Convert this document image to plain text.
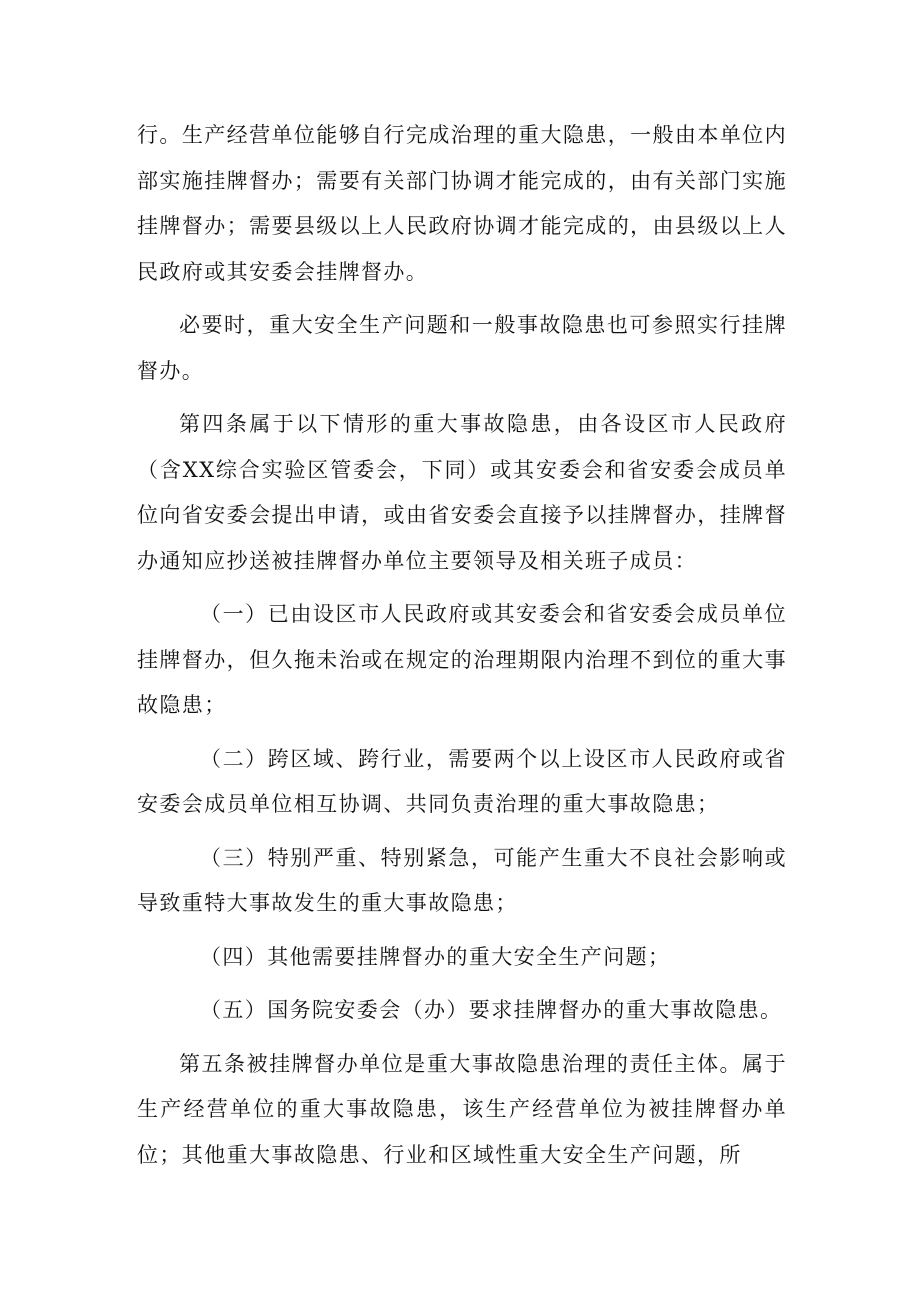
行。生产经营单位能够自行完成治理的重大隐患，一般由本单位内部实施挂牌督办；需要有关部门协调才能完成的，由有关部门实施挂牌督办；需要县级以上人民政府协调才能完成的，由县级以上人民政府或其安委会挂牌督办。

必要时，重大安全生产问题和一般事故隐患也可参照实行挂牌督办。

第四条属于以下情形的重大事故隐患，由各设区市人民政府（含XX综合实验区管委会，下同）或其安委会和省安委会成员单位向省安委会提出申请，或由省安委会直接予以挂牌督办，挂牌督办通知应抄送被挂牌督办单位主要领导及相关班子成员：

（一）已由设区市人民政府或其安委会和省安委会成员单位挂牌督办，但久拖未治或在规定的治理期限内治理不到位的重大事故隐患；

（二）跨区域、跨行业，需要两个以上设区市人民政府或省安委会成员单位相互协调、共同负责治理的重大事故隐患；

（三）特别严重、特别紧急，可能产生重大不良社会影响或导致重特大事故发生的重大事故隐患；

（四）其他需要挂牌督办的重大安全生产问题；

（五）国务院安委会（办）要求挂牌督办的重大事故隐患。

第五条被挂牌督办单位是重大事故隐患治理的责任主体。属于生产经营单位的重大事故隐患，该生产经营单位为被挂牌督办单位；其他重大事故隐患、行业和区域性重大安全生产问题，所
